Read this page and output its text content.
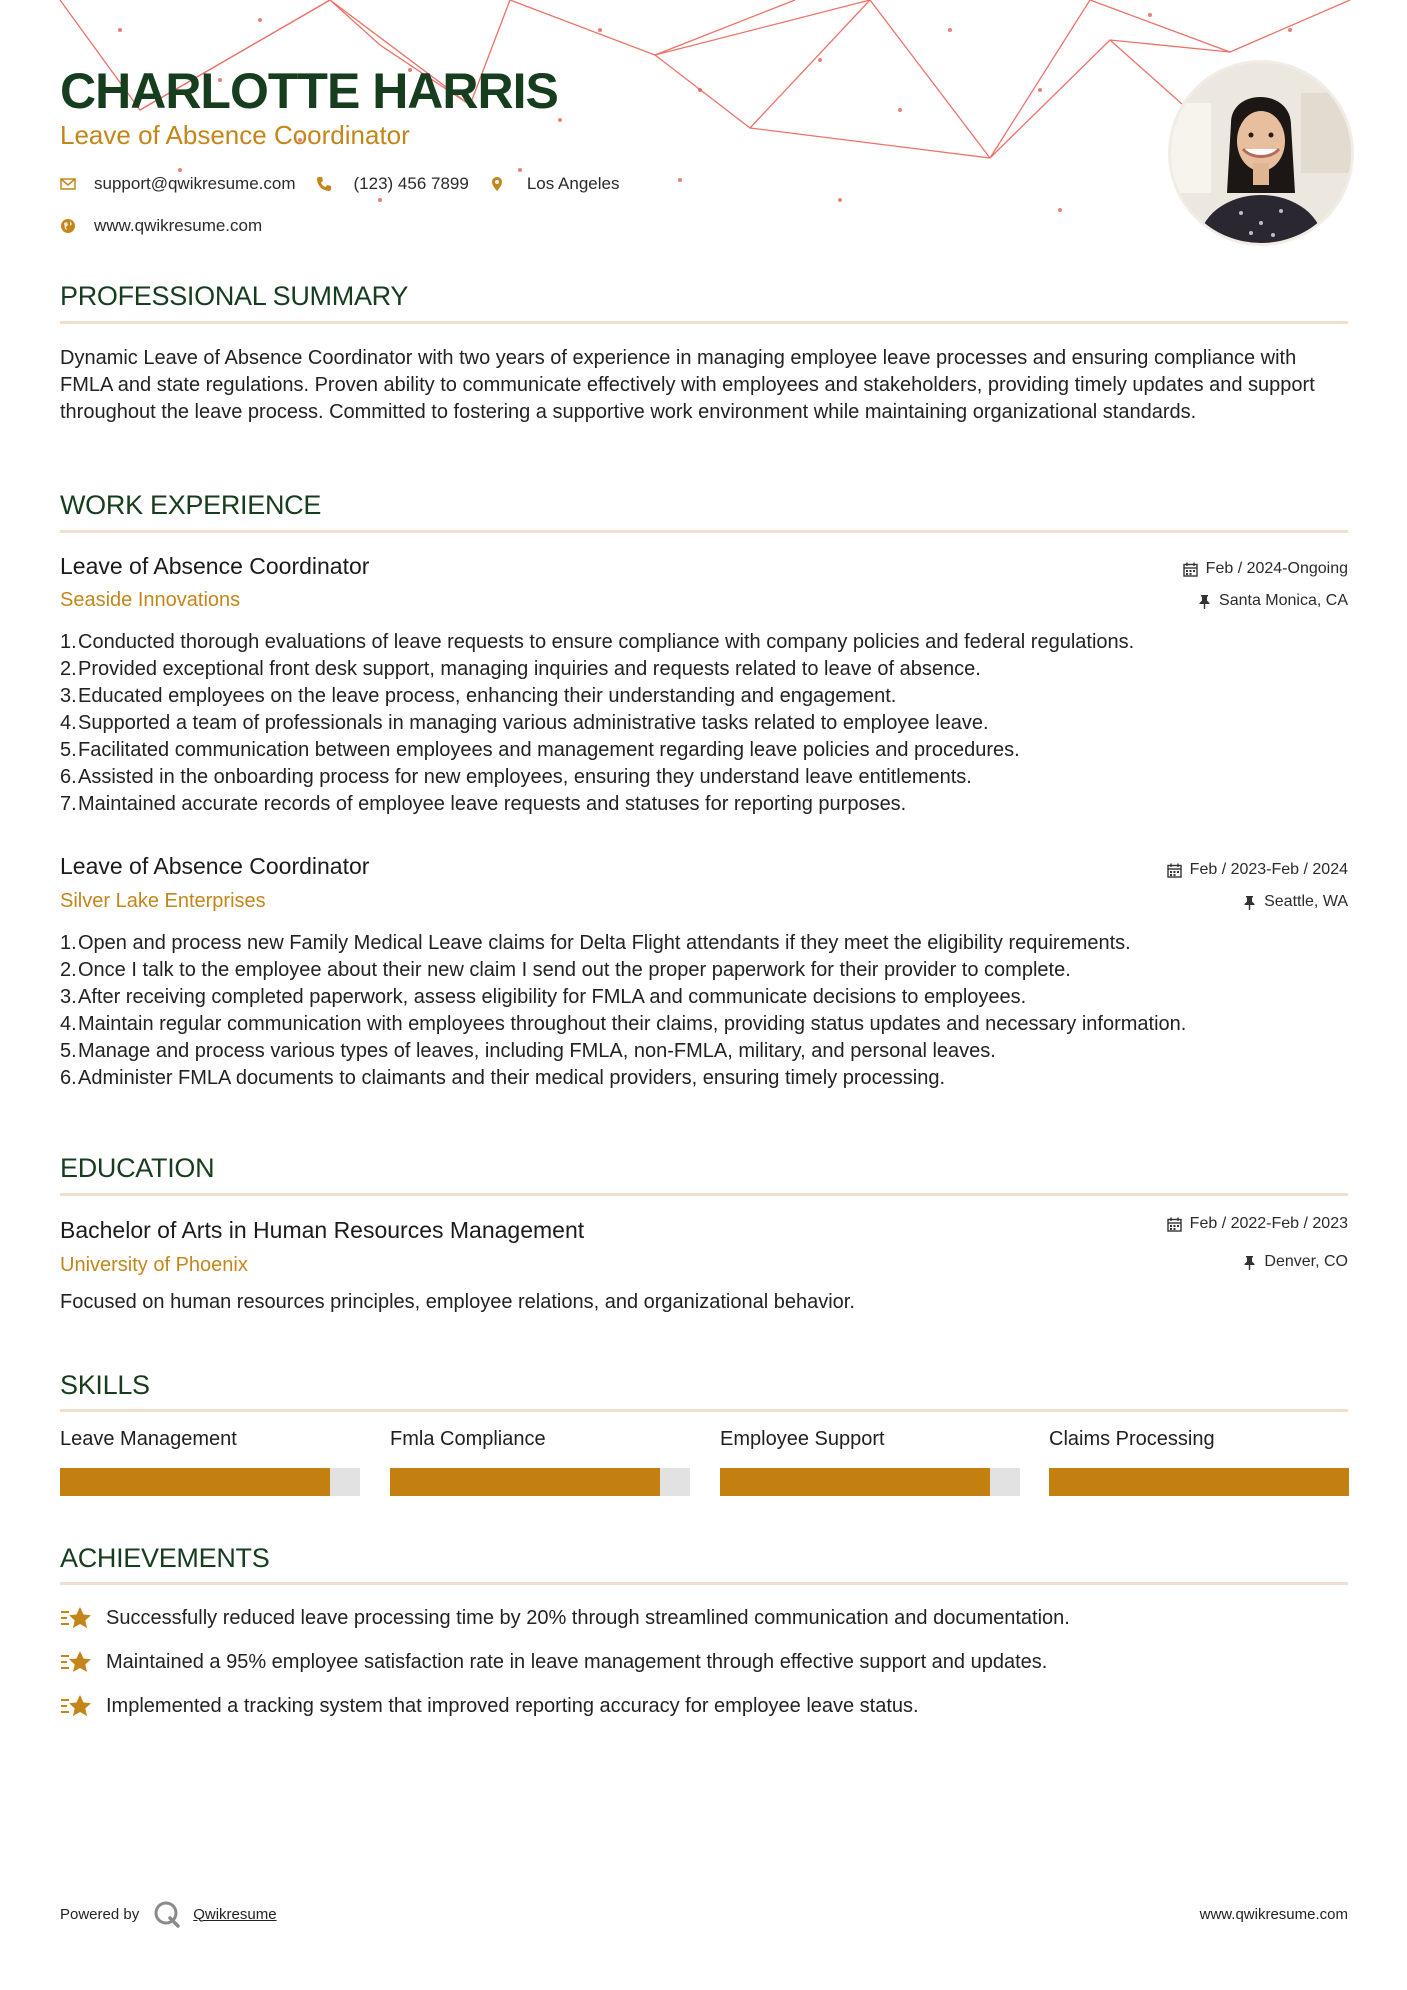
CHARLOTTE HARRIS
Leave of Absence Coordinator
support@qwikresume.com	(123) 456 7899	Los Angeles
www.qwikresume.com
PROFESSIONAL SUMMARY
Dynamic Leave of Absence Coordinator with two years of experience in managing employee leave processes and ensuring compliance with FMLA and state regulations. Proven ability to communicate effectively with employees and stakeholders, providing timely updates and support throughout the leave process. Committed to fostering a supportive work environment while maintaining organizational standards.
WORK EXPERIENCE
Leave of Absence Coordinator
Seaside Innovations
Feb / 2024-Ongoing
Santa Monica, CA
1. Conducted thorough evaluations of leave requests to ensure compliance with company policies and federal regulations.
2. Provided exceptional front desk support, managing inquiries and requests related to leave of absence.
3. Educated employees on the leave process, enhancing their understanding and engagement.
4. Supported a team of professionals in managing various administrative tasks related to employee leave.
5. Facilitated communication between employees and management regarding leave policies and procedures.
6. Assisted in the onboarding process for new employees, ensuring they understand leave entitlements.
7. Maintained accurate records of employee leave requests and statuses for reporting purposes.
Leave of Absence Coordinator
Silver Lake Enterprises
Feb / 2023-Feb / 2024
Seattle, WA
1. Open and process new Family Medical Leave claims for Delta Flight attendants if they meet the eligibility requirements.
2. Once I talk to the employee about their new claim I send out the proper paperwork for their provider to complete.
3. After receiving completed paperwork, assess eligibility for FMLA and communicate decisions to employees.
4. Maintain regular communication with employees throughout their claims, providing status updates and necessary information.
5. Manage and process various types of leaves, including FMLA, non-FMLA, military, and personal leaves.
6. Administer FMLA documents to claimants and their medical providers, ensuring timely processing.
EDUCATION
Bachelor of Arts in Human Resources Management
University of Phoenix
Feb / 2022-Feb / 2023
Denver, CO
Focused on human resources principles, employee relations, and organizational behavior.
SKILLS
Leave Management	Fmla Compliance	Employee Support	Claims Processing
ACHIEVEMENTS
Successfully reduced leave processing time by 20% through streamlined communication and documentation.
Maintained a 95% employee satisfaction rate in leave management through effective support and updates.
Implemented a tracking system that improved reporting accuracy for employee leave status.
Powered by	Qwikresume	www.qwikresume.com
